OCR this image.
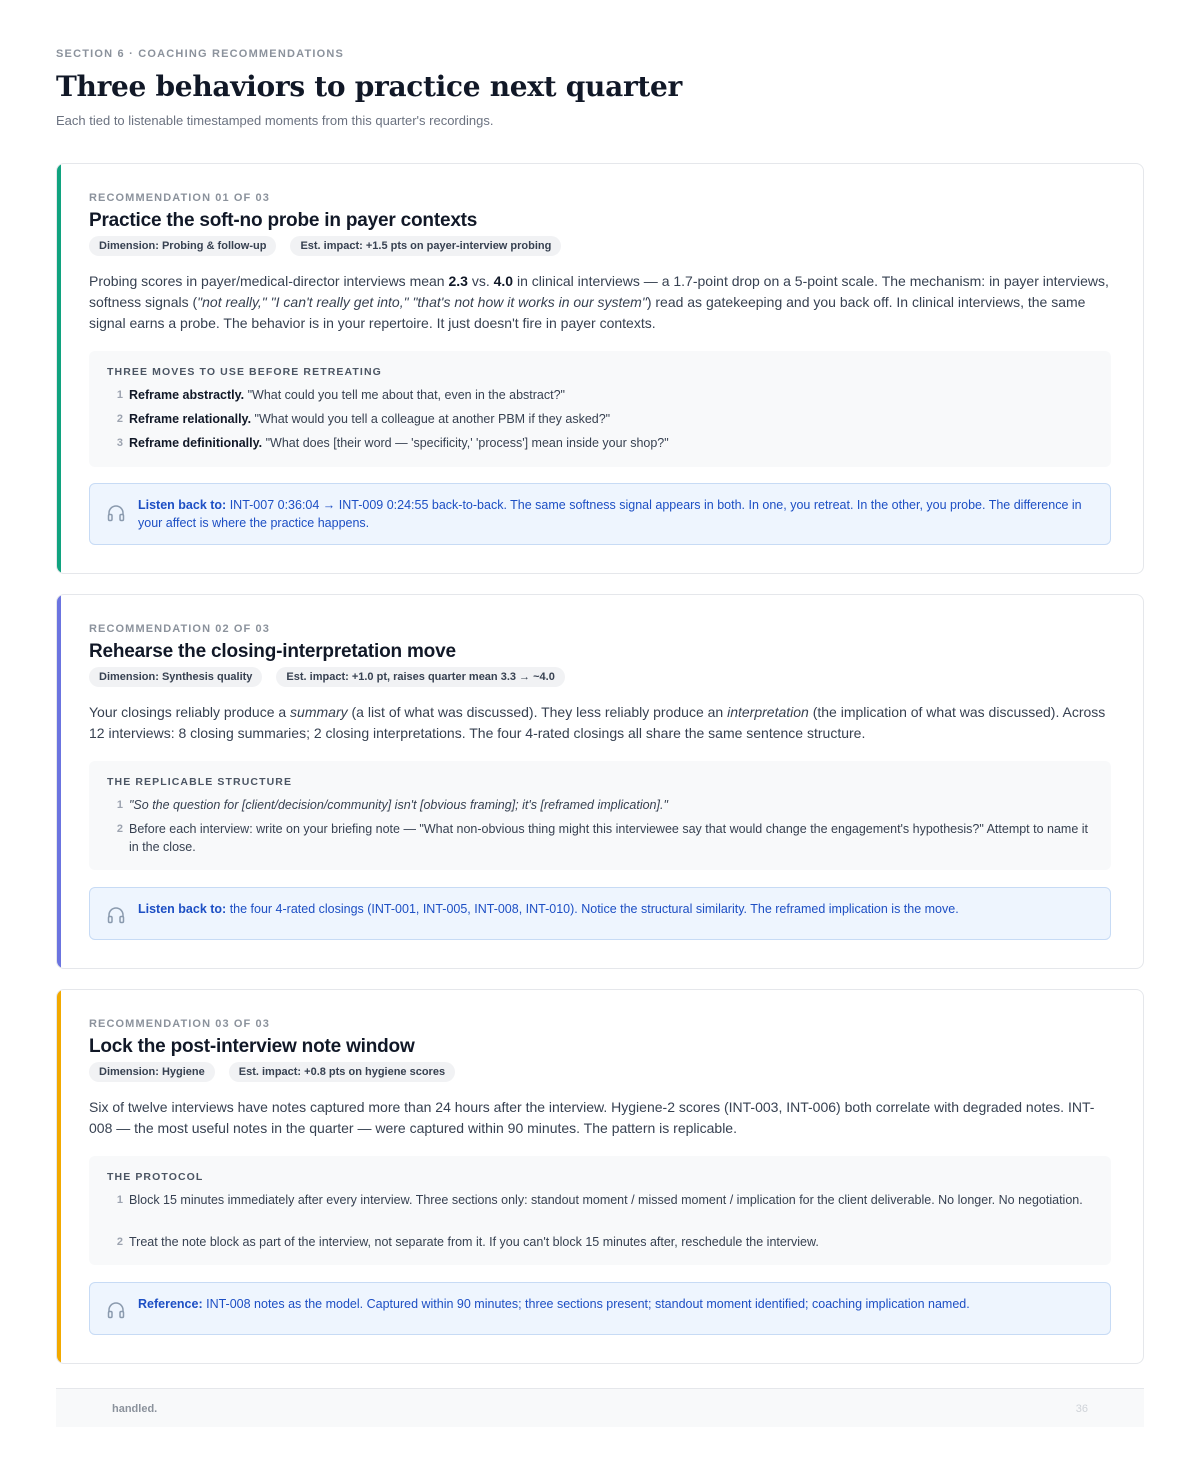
SECTION 6 · COACHING RECOMMENDATIONS
Three behaviors to practice next quarter
Each tied to listenable timestamped moments from this quarter's recordings.
RECOMMENDATION 01 OF 03
Practice the soft-no probe in payer contexts
Dimension: Probing & follow-up	Est. impact: +1.5 pts on payer-interview probing

Probing scores in payer/medical-director interviews mean 2.3 vs. 4.0 in clinical interviews — a 1.7-point drop on a 5-point scale. The mechanism: in payer interviews, softness signals ("not really," "I can't really get into," "that's not how it works in our system") read as gatekeeping and you back off. In clinical interviews, the same signal earns a probe. The behavior is in your repertoire. It just doesn't fire in payer contexts.

THREE MOVES TO USE BEFORE RETREATING
1 Reframe abstractly. "What could you tell me about that, even in the abstract?"
2 Reframe relationally. "What would you tell a colleague at another PBM if they asked?"
3 Reframe definitionally. "What does [their word — 'specificity,' 'process'] mean inside your shop?"
Listen back to: INT-007 0:36:04 → INT-009 0:24:55 back-to-back. The same softness signal appears in both. In one, you retreat. In the other, you probe. The difference in your affect is where the practice happens.
RECOMMENDATION 02 OF 03
Rehearse the closing-interpretation move
Dimension: Synthesis quality	Est. impact: +1.0 pt, raises quarter mean 3.3 → ~4.0

Your closings reliably produce a summary (a list of what was discussed). They less reliably produce an interpretation (the implication of what was discussed). Across 12 interviews: 8 closing summaries; 2 closing interpretations. The four 4-rated closings all share the same sentence structure.

THE REPLICABLE STRUCTURE
1 "So the question for [client/decision/community] isn't [obvious framing]; it's [reframed implication]."
2 Before each interview: write on your briefing note — "What non-obvious thing might this interviewee say that would change the engagement's hypothesis?" Attempt to name it in the close.
Listen back to: the four 4-rated closings (INT-001, INT-005, INT-008, INT-010). Notice the structural similarity. The reframed implication is the move.
RECOMMENDATION 03 OF 03
Lock the post-interview note window
Dimension: Hygiene	Est. impact: +0.8 pts on hygiene scores

Six of twelve interviews have notes captured more than 24 hours after the interview. Hygiene-2 scores (INT-003, INT-006) both correlate with degraded notes. INT-008 — the most useful notes in the quarter — were captured within 90 minutes. The pattern is replicable.

THE PROTOCOL
1 Block 15 minutes immediately after every interview. Three sections only: standout moment / missed moment / implication for the client deliverable. No longer. No negotiation.
2 Treat the note block as part of the interview, not separate from it. If you can't block 15 minutes after, reschedule the interview.
Reference: INT-008 notes as the model. Captured within 90 minutes; three sections present; standout moment identified; coaching implication named.
handled.	36
